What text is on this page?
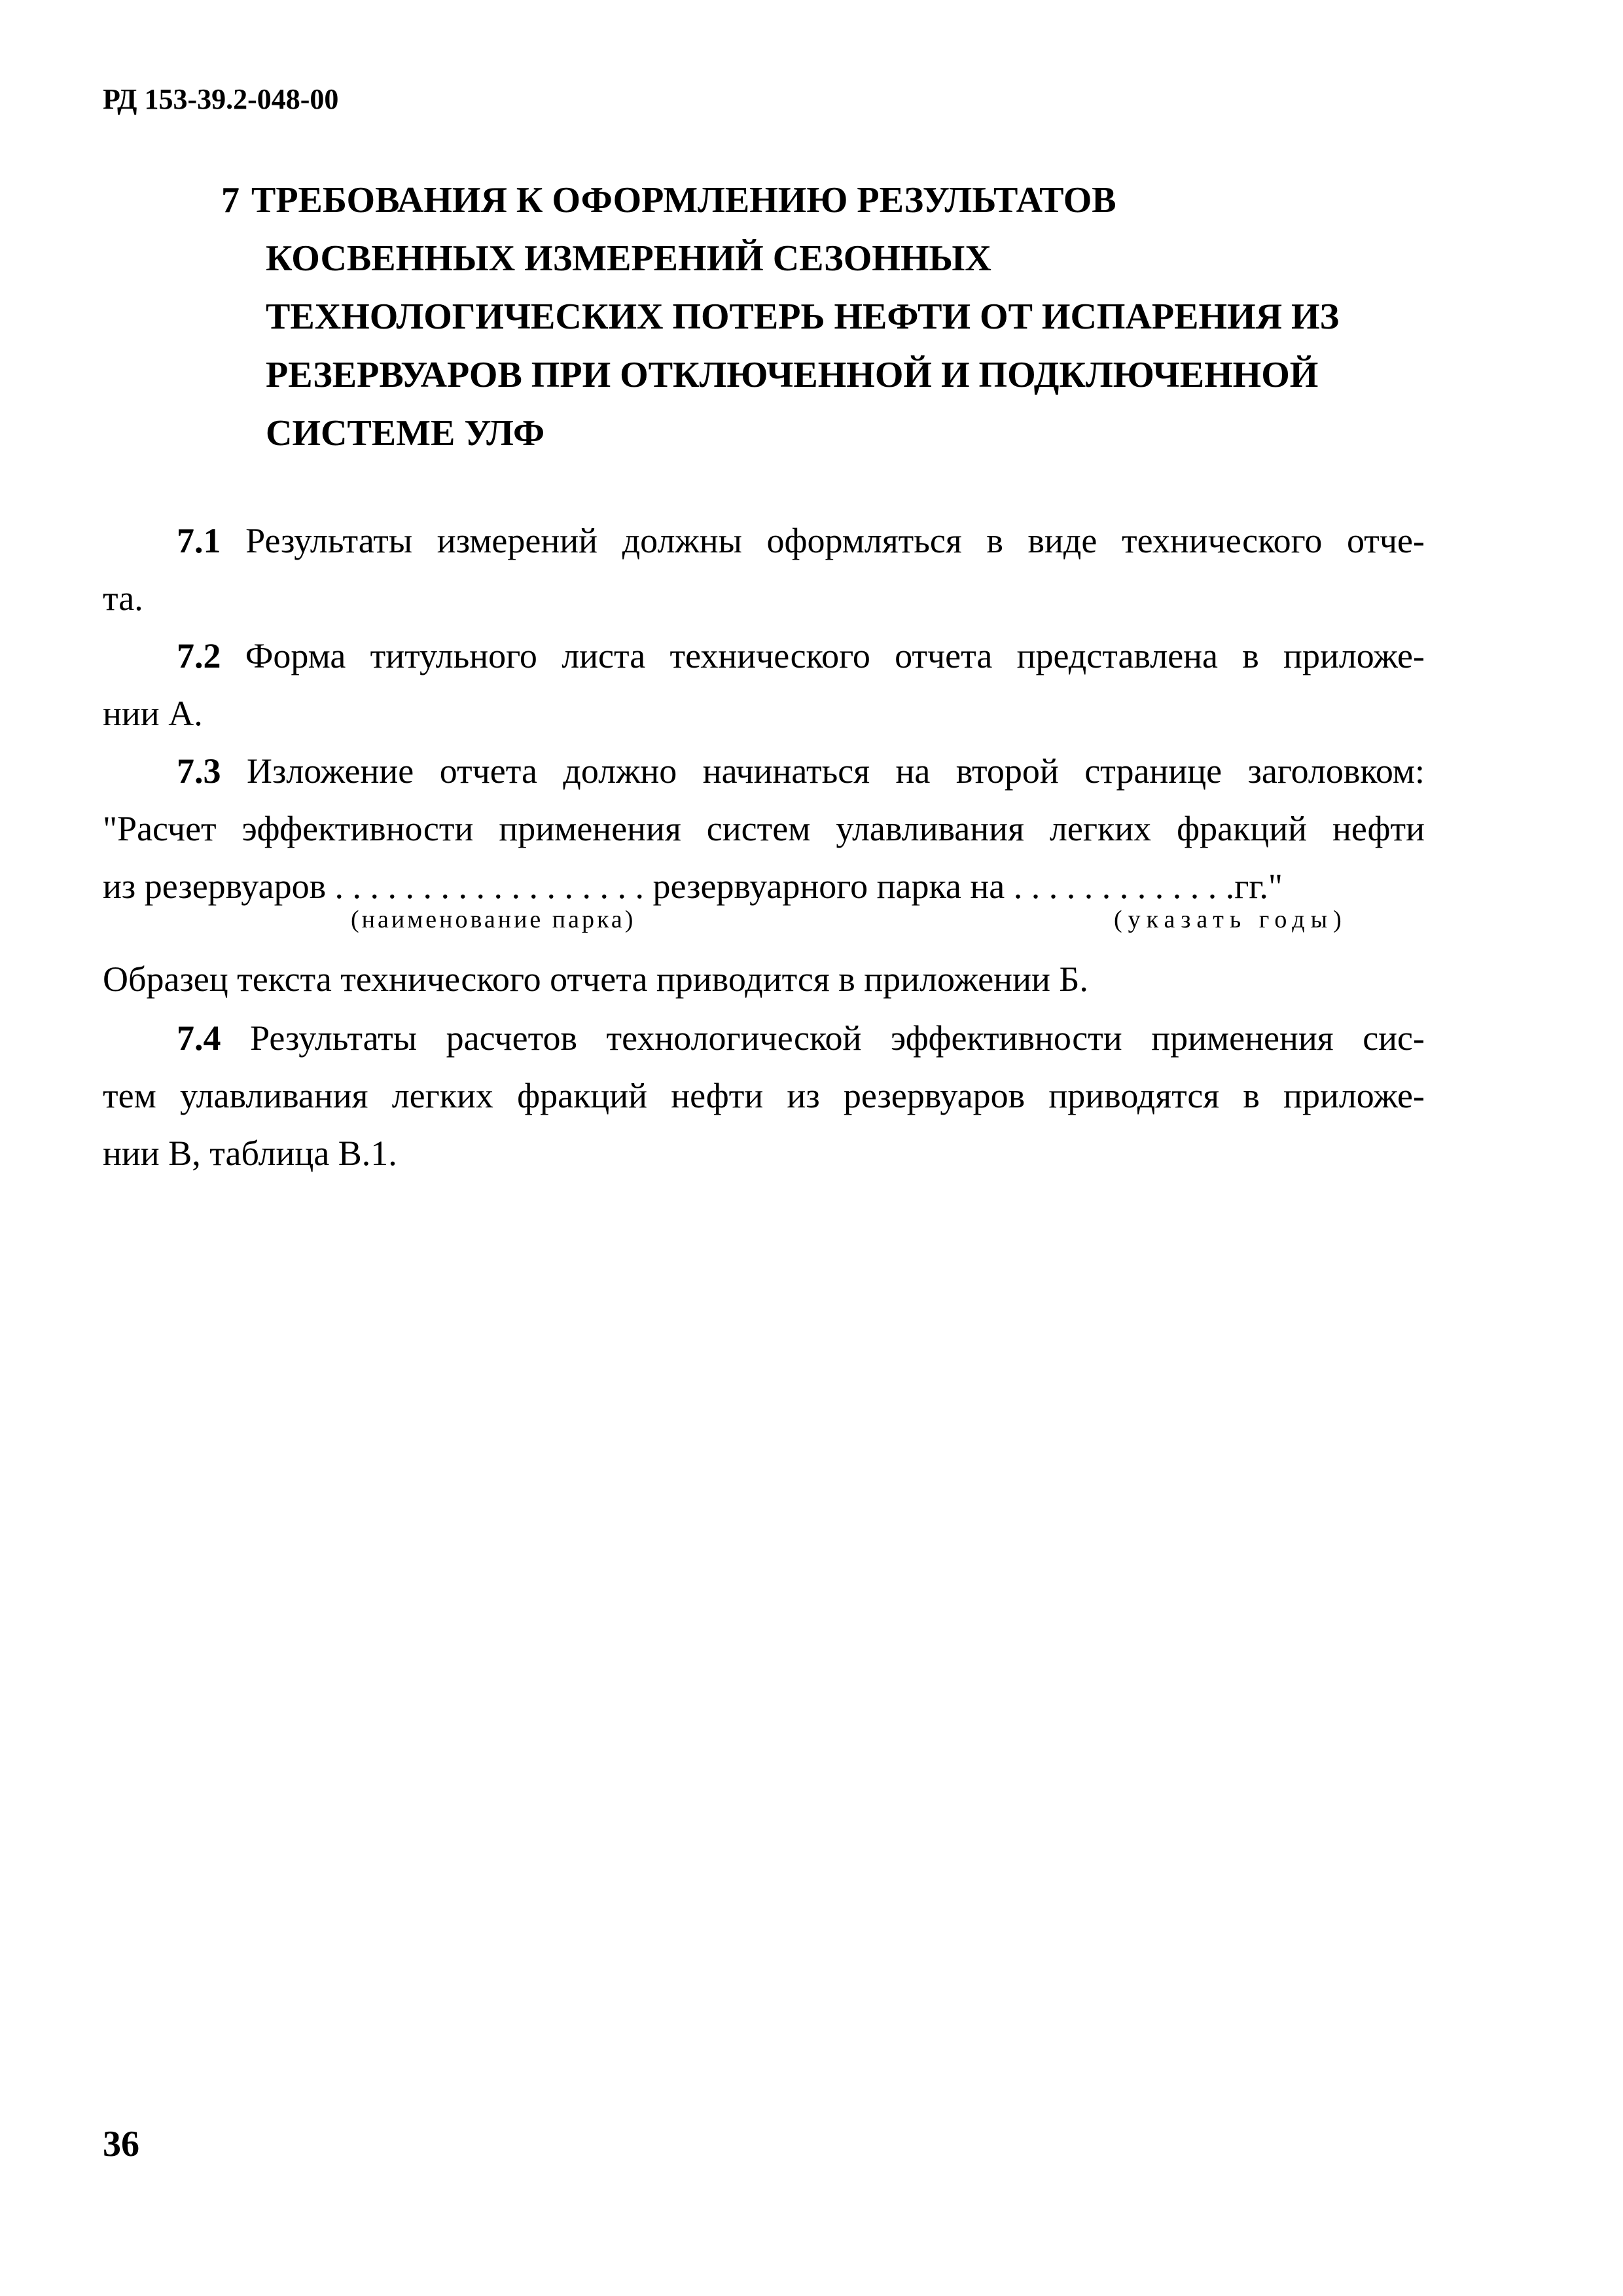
РД 153-39.2-048-00
7 ТРЕБОВАНИЯ К ОФОРМЛЕНИЮ РЕЗУЛЬТАТОВ
КОСВЕННЫХ ИЗМЕРЕНИЙ СЕЗОННЫХ
ТЕХНОЛОГИЧЕСКИХ ПОТЕРЬ НЕФТИ ОТ ИСПАРЕНИЯ ИЗ
РЕЗЕРВУАРОВ ПРИ ОТКЛЮЧЕННОЙ И ПОДКЛЮЧЕННОЙ
СИСТЕМЕ УЛФ
7.1 Результаты измерений должны оформляться в виде технического отче-
та.
7.2 Форма титульного листа технического отчета представлена в приложе-
нии А.
7.3 Изложение отчета должно начинаться на второй странице заголовком:
"Расчет эффективности применения систем улавливания легких фракций нефти
из резервуаров . . . . . . . . . . . . . . . . . . резервуарного парка на . . . . . . . . . . . . .гг."
(наименование парка)	(указать годы)
Образец текста технического отчета приводится в приложении Б.
7.4 Результаты расчетов технологической эффективности применения сис-
тем улавливания легких фракций нефти из резервуаров приводятся в приложе-
нии В, таблица В.1.
36
